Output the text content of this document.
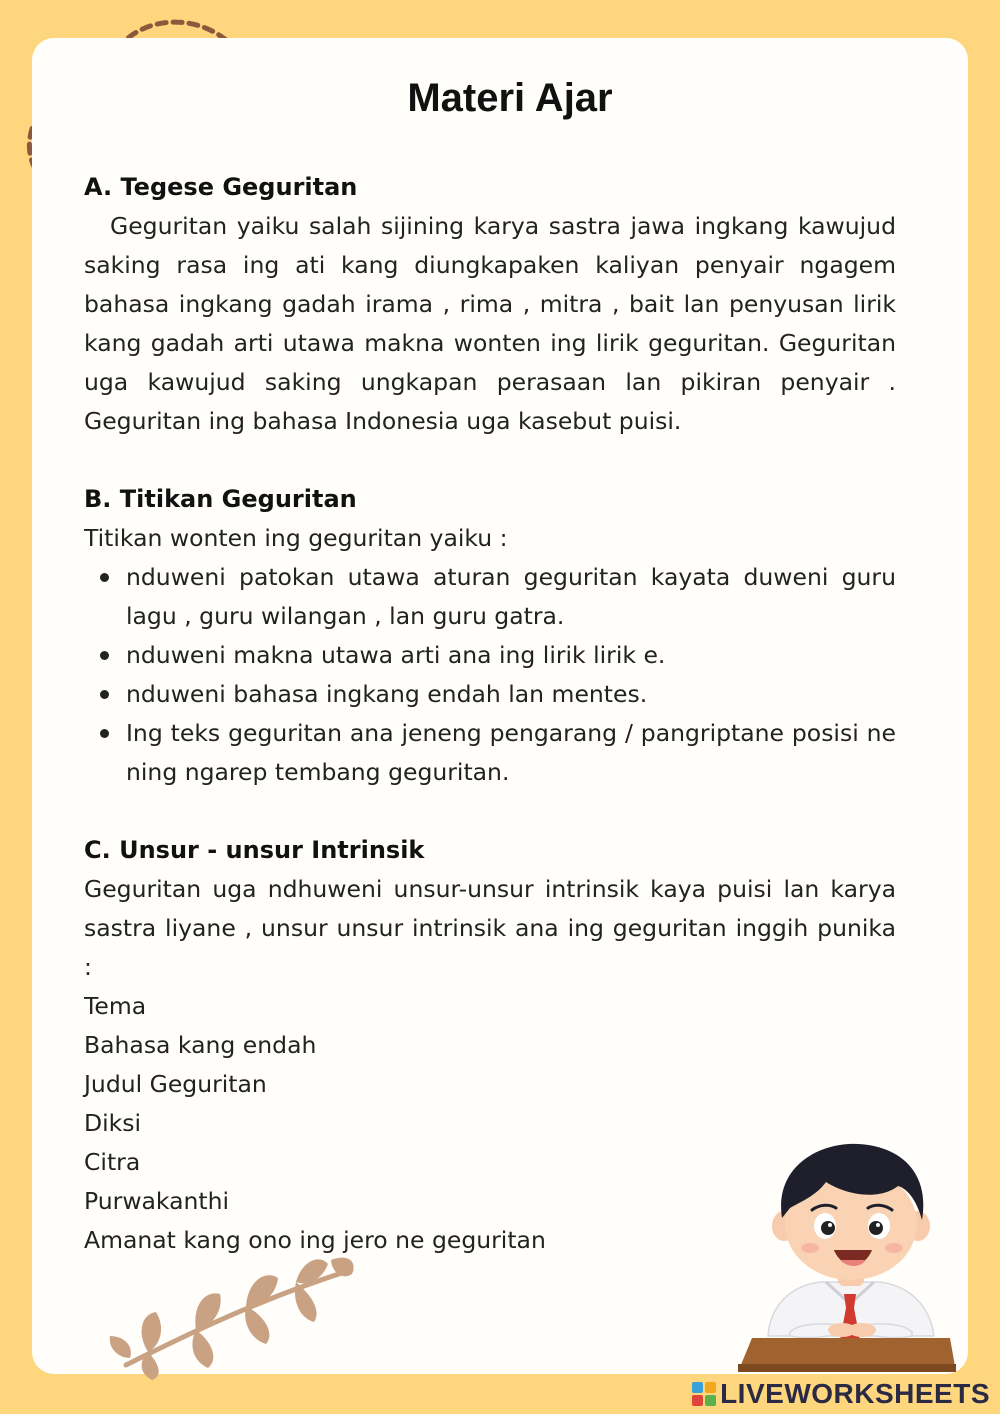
Materi Ajar

A. Tegese Geguritan

Geguritan yaiku salah sijining karya sastra jawa ingkang kawujud saking rasa ing ati kang diungkapaken kaliyan penyair ngagem bahasa ingkang gadah irama , rima , mitra , bait lan penyusan lirik kang gadah arti utawa makna wonten ing lirik geguritan. Geguritan uga kawujud saking ungkapan perasaan lan pikiran penyair . Geguritan ing bahasa Indonesia uga kasebut puisi.

B. Titikan Geguritan

Titikan wonten ing geguritan yaiku :

nduweni patokan utawa aturan geguritan kayata duweni guru lagu , guru wilangan , lan guru gatra.
nduweni makna utawa arti ana ing lirik lirik e.
nduweni bahasa ingkang endah lan mentes.
Ing teks geguritan ana jeneng pengarang / pangriptane posisi ne ning ngarep tembang geguritan.

C. Unsur - unsur Intrinsik

Geguritan uga ndhuweni unsur-unsur intrinsik kaya puisi lan karya sastra liyane , unsur unsur intrinsik ana ing geguritan inggih punika :

Tema

Bahasa kang endah

Judul Geguritan

Diksi

Citra

Purwakanthi

Amanat kang ono ing jero ne geguritan

LIVEWORKSHEETS
